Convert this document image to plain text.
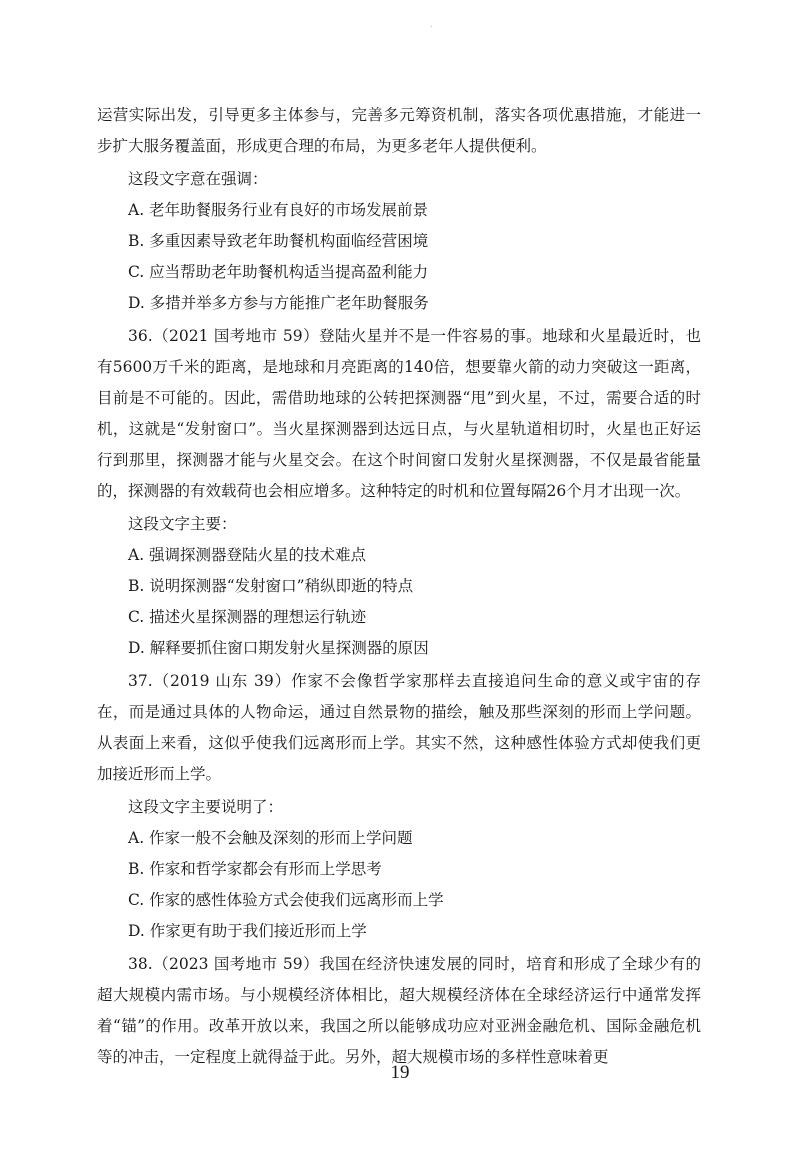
·

运营实际出发，引导更多主体参与，完善多元筹资机制，落实各项优惠措施，才能进一步扩大服务覆盖面，形成更合理的布局，为更多老年人提供便利。

这段文字意在强调：

A. 老年助餐服务行业有良好的市场发展前景

B. 多重因素导致老年助餐机构面临经营困境

C. 应当帮助老年助餐机构适当提高盈利能力

D. 多措并举多方参与方能推广老年助餐服务

36.（2021 国考地市 59）登陆火星并不是一件容易的事。地球和火星最近时，也有5600万千米的距离，是地球和月亮距离的140倍，想要靠火箭的动力突破这一距离，目前是不可能的。因此，需借助地球的公转把探测器“甩”到火星，不过，需要合适的时机，这就是“发射窗口”。当火星探测器到达远日点，与火星轨道相切时，火星也正好运行到那里，探测器才能与火星交会。在这个时间窗口发射火星探测器，不仅是最省能量的，探测器的有效载荷也会相应增多。这种特定的时机和位置每隔26个月才出现一次。

这段文字主要：

A. 强调探测器登陆火星的技术难点

B. 说明探测器“发射窗口”稍纵即逝的特点

C. 描述火星探测器的理想运行轨迹

D. 解释要抓住窗口期发射火星探测器的原因

37.（2019 山东 39）作家不会像哲学家那样去直接追问生命的意义或宇宙的存在，而是通过具体的人物命运，通过自然景物的描绘，触及那些深刻的形而上学问题。从表面上来看，这似乎使我们远离形而上学。其实不然，这种感性体验方式却使我们更加接近形而上学。

这段文字主要说明了：

A. 作家一般不会触及深刻的形而上学问题

B. 作家和哲学家都会有形而上学思考

C. 作家的感性体验方式会使我们远离形而上学

D. 作家更有助于我们接近形而上学

38.（2023 国考地市 59）我国在经济快速发展的同时，培育和形成了全球少有的超大规模内需市场。与小规模经济体相比，超大规模经济体在全球经济运行中通常发挥着“锚”的作用。改革开放以来，我国之所以能够成功应对亚洲金融危机、国际金融危机等的冲击，一定程度上就得益于此。另外，超大规模市场的多样性意味着更

19
